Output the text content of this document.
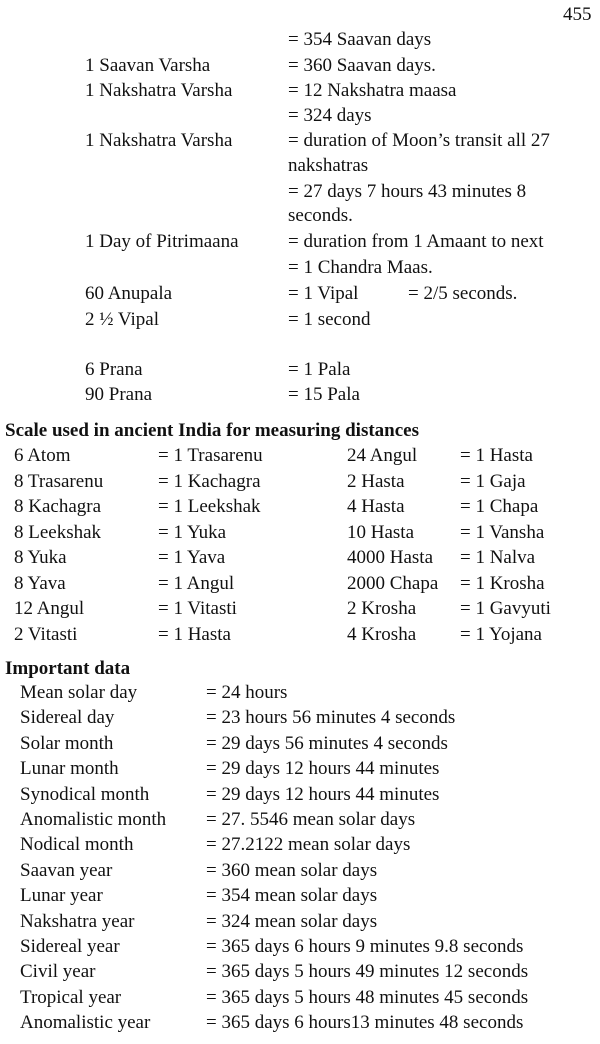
455
= 354 Saavan days
1 Saavan Varsha	= 360 Saavan days.
1 Nakshatra Varsha	= 12 Nakshatra maasa
= 324 days
1 Nakshatra Varsha	= duration of Moon’s transit all 27
nakshatras
= 27 days 7 hours 43 minutes 8
seconds.
1 Day of Pitrimaana	= duration from 1 Amaant to next
= 1 Chandra Maas.
60 Anupala	= 1 Vipal	= 2/5 seconds.
2 ½ Vipal	= 1 second
6 Prana	= 1 Pala
90 Prana	= 15 Pala
Scale used in ancient India for measuring distances
6 Atom	= 1 Trasarenu	24 Angul = 1 Hasta
8 Trasarenu	= 1 Kachagra	2 Hasta	= 1 Gaja
8 Kachagra	= 1 Leekshak	4 Hasta	= 1 Chapa
8 Leekshak	= 1 Yuka	10 Hasta = 1 Vansha
8 Yuka	= 1 Yava	4000 Hasta = 1 Nalva
8 Yava	= 1 Angul	2000 Chapa = 1 Krosha
12 Angul	= 1 Vitasti	2 Krosha = 1 Gavyuti
2 Vitasti	= 1 Hasta	4 Krosha = 1 Yojana
Important data
Mean solar day	= 24 hours
Sidereal day	= 23 hours 56 minutes 4 seconds
Solar month	= 29 days 56 minutes 4 seconds
Lunar month	= 29 days 12 hours 44 minutes
Synodical month	= 29 days 12 hours 44 minutes
Anomalistic month = 27. 5546 mean solar days
Nodical month	= 27.2122 mean solar days
Saavan year	= 360 mean solar days
Lunar year	= 354 mean solar days
Nakshatra year	= 324 mean solar days
Sidereal year	= 365 days 6 hours 9 minutes 9.8 seconds
Civil year	= 365 days 5 hours 49 minutes 12 seconds
Tropical year	= 365 days 5 hours 48 minutes 45 seconds
Anomalistic year	= 365 days 6 hours13 minutes 48 seconds
